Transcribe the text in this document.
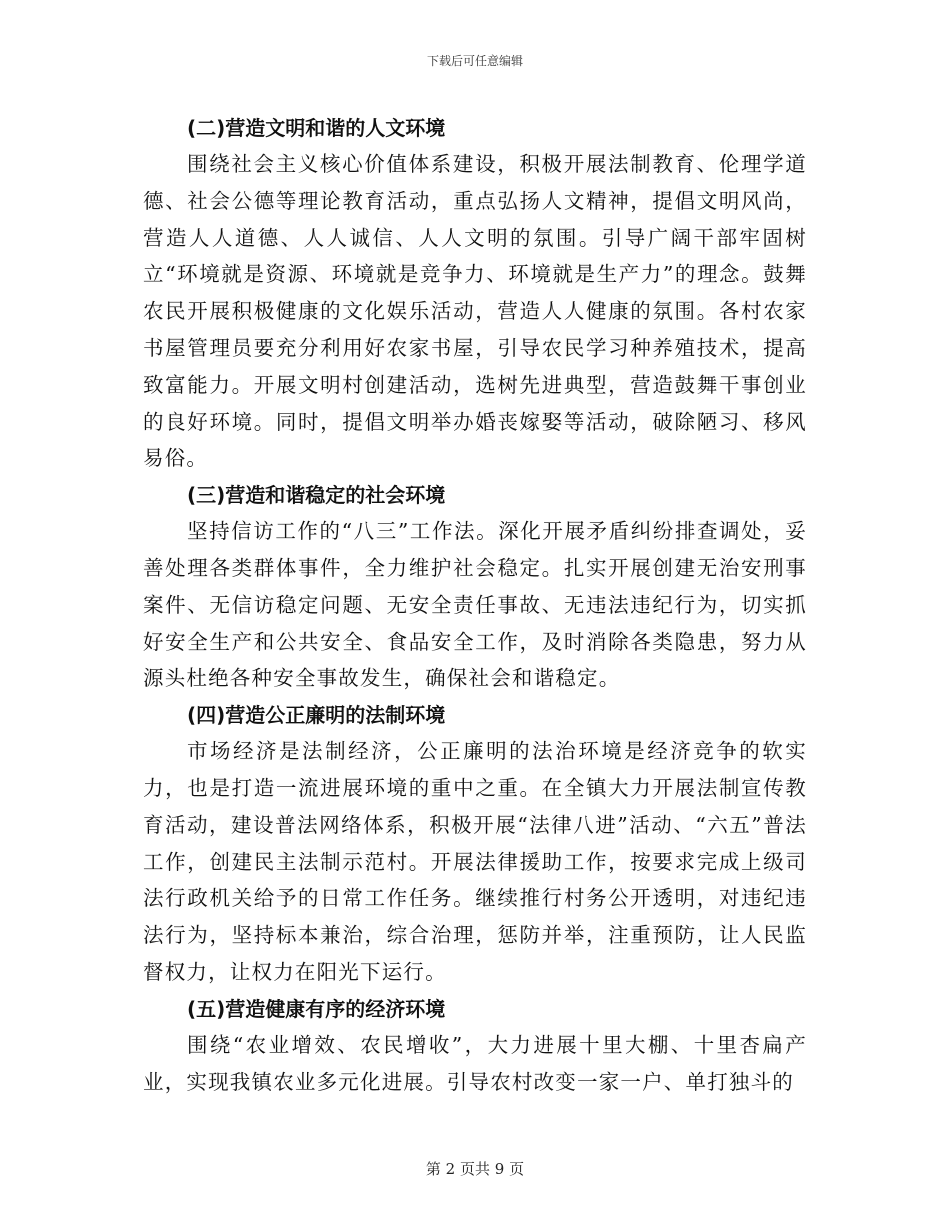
下载后可任意编辑
(二)营造文明和谐的人文环境

围绕社会主义核心价值体系建设，积极开展法制教育、伦理学道德、社会公德等理论教育活动，重点弘扬人文精神，提倡文明风尚，营造人人道德、人人诚信、人人文明的氛围。引导广阔干部牢固树立“环境就是资源、环境就是竞争力、环境就是生产力”的理念。鼓舞农民开展积极健康的文化娱乐活动，营造人人健康的氛围。各村农家书屋管理员要充分利用好农家书屋，引导农民学习种养殖技术，提高致富能力。开展文明村创建活动，选树先进典型，营造鼓舞干事创业的良好环境。同时，提倡文明举办婚丧嫁娶等活动，破除陋习、移风易俗。

(三)营造和谐稳定的社会环境

坚持信访工作的“八三”工作法。深化开展矛盾纠纷排查调处，妥善处理各类群体事件，全力维护社会稳定。扎实开展创建无治安刑事案件、无信访稳定问题、无安全责任事故、无违法违纪行为，切实抓好安全生产和公共安全、食品安全工作，及时消除各类隐患，努力从源头杜绝各种安全事故发生，确保社会和谐稳定。

(四)营造公正廉明的法制环境

市场经济是法制经济，公正廉明的法治环境是经济竞争的软实力，也是打造一流进展环境的重中之重。在全镇大力开展法制宣传教育活动，建设普法网络体系，积极开展“法律八进”活动、“六五”普法工作，创建民主法制示范村。开展法律援助工作，按要求完成上级司法行政机关给予的日常工作任务。继续推行村务公开透明，对违纪违法行为，坚持标本兼治，综合治理，惩防并举，注重预防，让人民监督权力，让权力在阳光下运行。

(五)营造健康有序的经济环境

围绕“农业增效、农民增收”，大力进展十里大棚、十里杏扁产业，实现我镇农业多元化进展。引导农村改变一家一户、单打独斗的

第 2 页共 9 页
